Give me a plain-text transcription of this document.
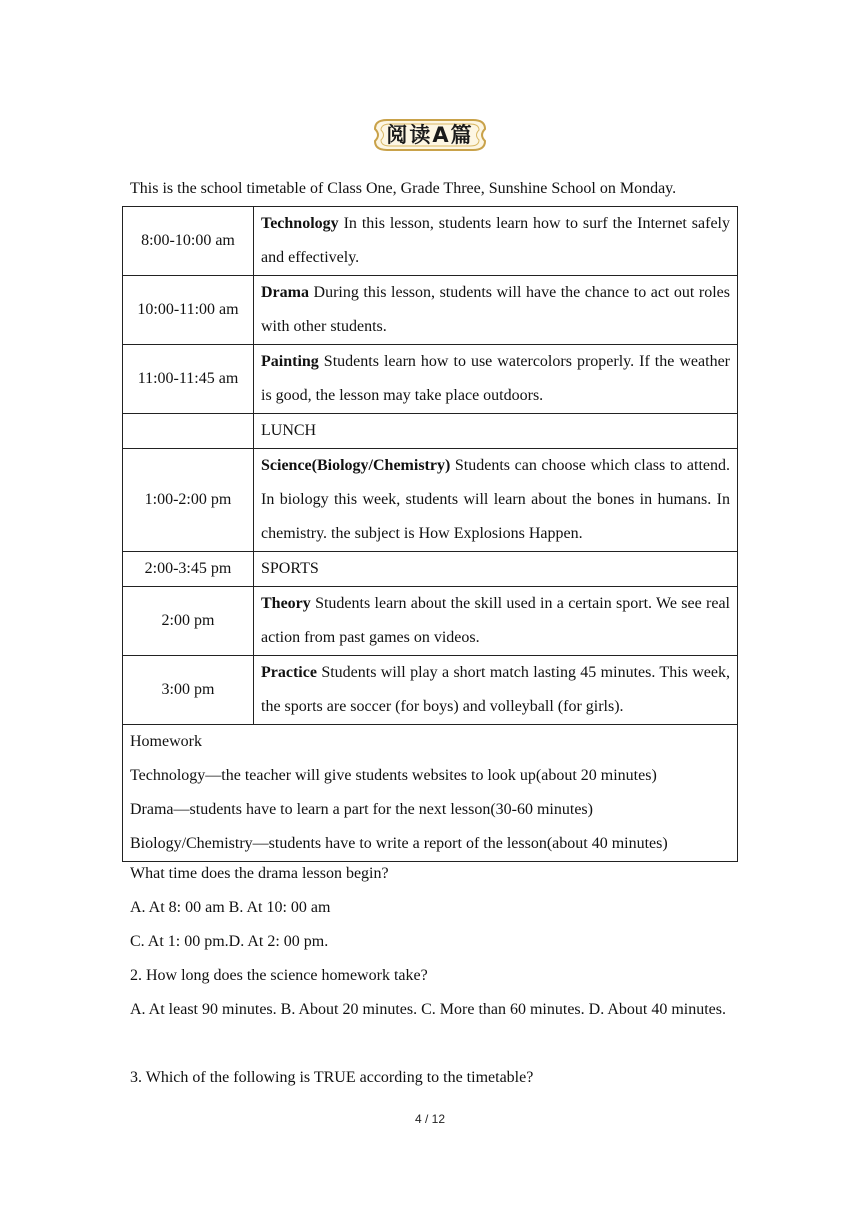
阅读A篇
This is the school timetable of Class One, Grade Three, Sunshine School on Monday.
8:00-10:00 am	Technology In this lesson, students learn how to surf the Internet safely and effectively.
10:00-11:00 am	Drama During this lesson, students will have the chance to act out roles with other students.
11:00-11:45 am	Painting Students learn how to use watercolors properly. If the weather is good, the lesson may take place outdoors.
	LUNCH
1:00-2:00 pm	Science(Biology/Chemistry) Students can choose which class to attend. In biology this week, students will learn about the bones in humans. In chemistry. the subject is How Explosions Happen.
2:00-3:45 pm	SPORTS
2:00 pm	Theory Students learn about the skill used in a certain sport. We see real action from past games on videos.
3:00 pm	Practice Students will play a short match lasting 45 minutes. This week, the sports are soccer (for boys) and volleyball (for girls).

Homework
Technology—the teacher will give students websites to look up(about 20 minutes)
Drama—students have to learn a part for the next lesson(30-60 minutes)
Biology/Chemistry—students have to write a report of the lesson(about 40 minutes)	
What time does the drama lesson begin?
A. At 8: 00 am B. At 10: 00 am
C. At 1: 00 pm.D. At 2: 00 pm.
2. How long does the science homework take?
A. At least 90 minutes. B. About 20 minutes. C. More than 60 minutes. D. About 40 minutes.
3. Which of the following is TRUE according to the timetable?
4 / 12
